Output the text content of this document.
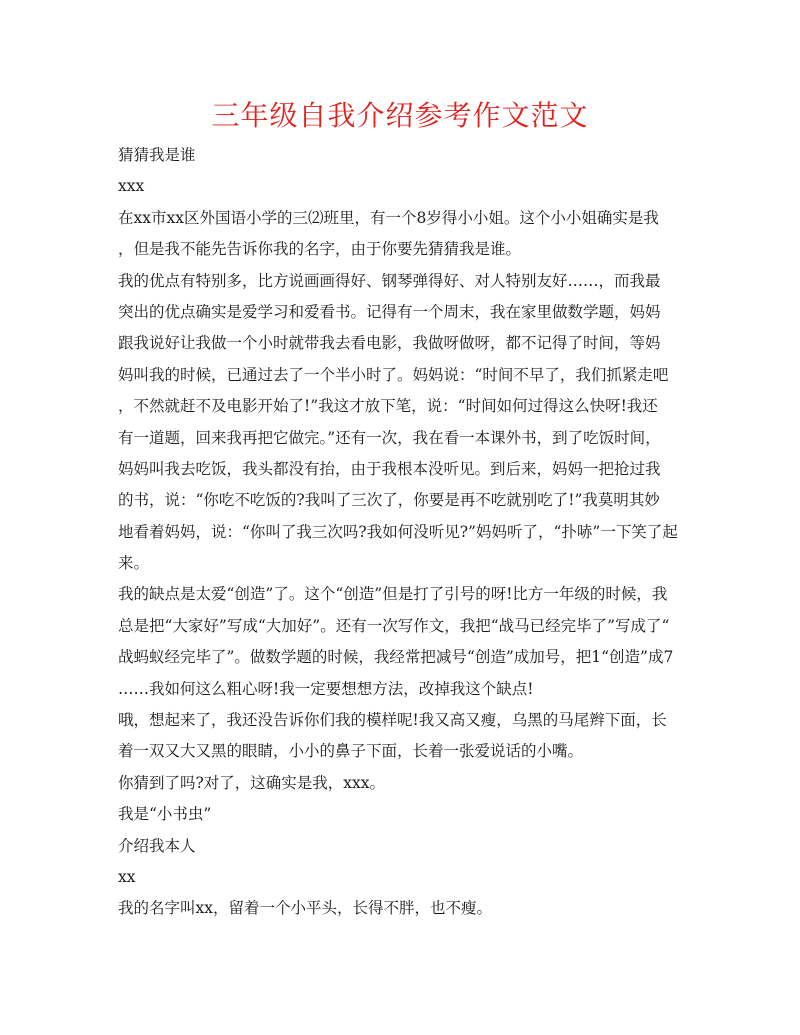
三年级自我介绍参考作文范文
猜猜我是谁
xxx
在xx市xx区外国语小学的三⑵班里，有一个8岁得小小姐。这个小小姐确实是我
，但是我不能先告诉你我的名字，由于你要先猜猜我是谁。
我的优点有特别多，比方说画画得好、钢琴弹得好、对人特别友好……，而我最
突出的优点确实是爱学习和爱看书。记得有一个周末，我在家里做数学题，妈妈
跟我说好让我做一个小时就带我去看电影，我做呀做呀，都不记得了时间，等妈
妈叫我的时候，已通过去了一个半小时了。妈妈说：“时间不早了，我们抓紧走吧
，不然就赶不及电影开始了!”我这才放下笔，说：“时间如何过得这么快呀!我还
有一道题，回来我再把它做完。”还有一次，我在看一本课外书，到了吃饭时间，
妈妈叫我去吃饭，我头都没有抬，由于我根本没听见。到后来，妈妈一把抢过我
的书，说：“你吃不吃饭的?我叫了三次了，你要是再不吃就别吃了!”我莫明其妙
地看着妈妈，说：“你叫了我三次吗?我如何没听见?”妈妈听了，“扑哧”一下笑了起
来。
我的缺点是太爱“创造”了。这个“创造”但是打了引号的呀!比方一年级的时候，我
总是把“大家好”写成“大加好”。还有一次写作文，我把“战马已经完毕了”写成了“
战蚂蚁经完毕了”。做数学题的时候，我经常把减号“创造”成加号，把1“创造”成7
……我如何这么粗心呀!我一定要想想方法，改掉我这个缺点!
哦，想起来了，我还没告诉你们我的模样呢!我又高又瘦，乌黑的马尾辫下面，长
着一双又大又黑的眼睛，小小的鼻子下面，长着一张爱说话的小嘴。
你猜到了吗?对了，这确实是我，xxx。
我是“小书虫”
介绍我本人
xx
我的名字叫xx，留着一个小平头，长得不胖，也不瘦。
